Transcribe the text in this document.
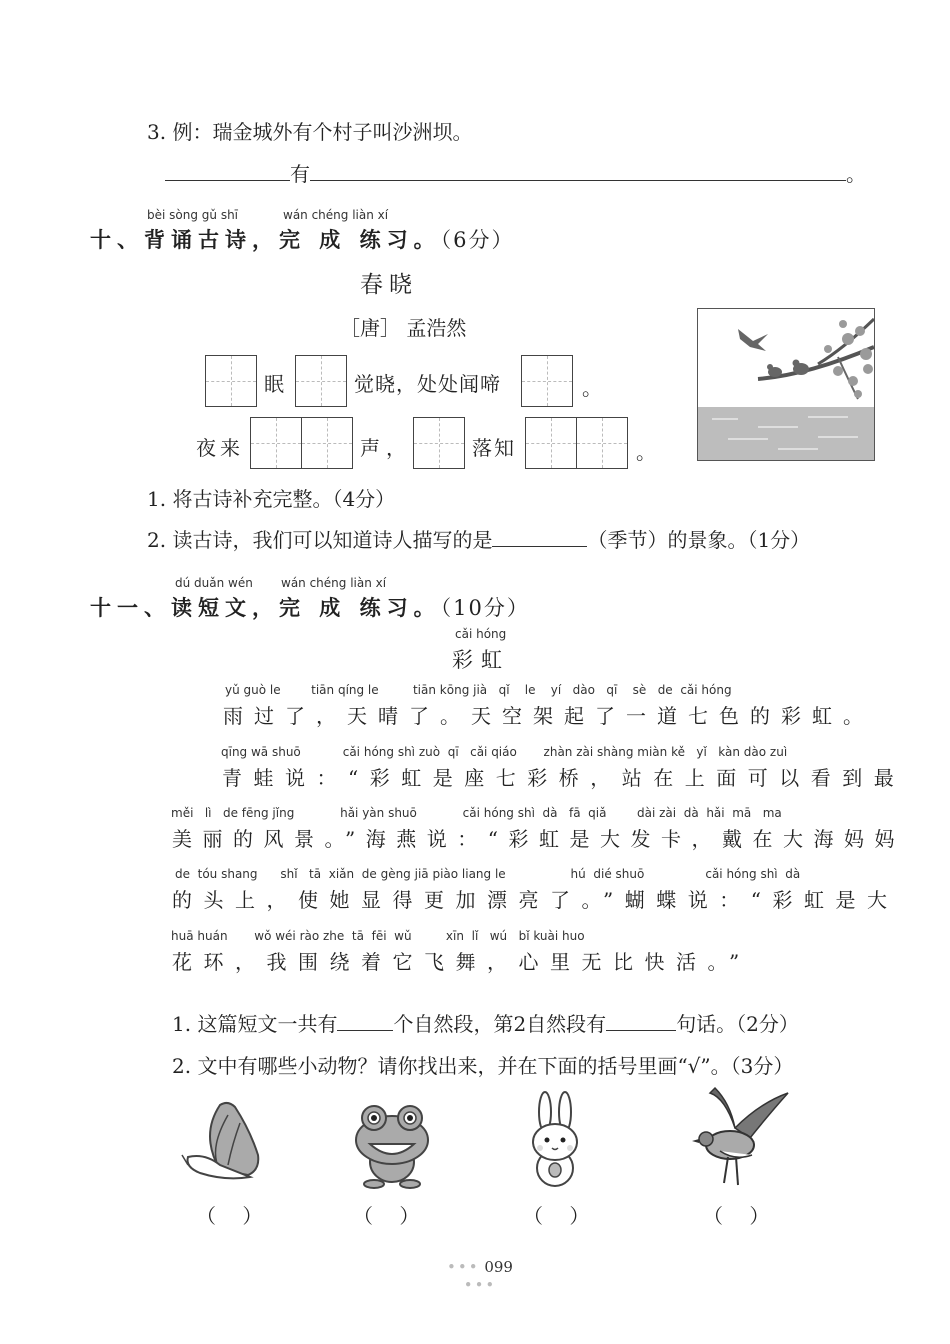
3. 例：瑞金城外有个村子叫沙洲坝。
有	。
bèi sòng gǔ shī	wán chéng liàn xí
十、背诵古诗，完 成 练习。（6分）
春晓
［唐］ 孟浩然
眠	觉晓，处处闻啼	。
夜来	声，	落知	。
1. 将古诗补充完整。（4分）
2. 读古诗，我们可以知道诗人描写的是	（季节）的景象。（1分）
dú duǎn wén wán chéng liàn xí
十一、读短文，完 成 练习。（10分）
cǎi hóng
彩虹
yǔ guò le        tiān qíng le         tiān kōng jià   qǐ    le    yí   dào   qī    sè   de  cǎi hóng
雨过了，天晴了。天空架起了一道七色的彩虹。
qīng wā shuō           cǎi hóng shì zuò  qī   cǎi qiáo       zhàn zài shàng miàn kě   yǐ   kàn dào zuì
青蛙说：“彩虹是座七彩桥，站在上面可以看到最
měi   lì   de fēng jǐng            hǎi yàn shuō            cǎi hóng shì  dà   fā  qiǎ        dài zài  dà  hǎi  mā   ma
美丽的风景。”海燕说：“彩虹是大发卡，戴在大海妈妈
de  tóu shang      shǐ   tā  xiǎn  de gèng jiā piào liang le                 hú  dié shuō                cǎi hóng shì  dà
的头上，使她显得更加漂亮了。”蝴蝶说：“彩虹是大
huā huán       wǒ wéi rào zhe  tā  fēi  wǔ         xīn  lǐ   wú   bǐ kuài huo
花环，我围绕着它飞舞，心里无比快活。”
1. 这篇短文一共有	个自然段，第2自然段有	句话。（2分）
2. 文中有哪些小动物？请你找出来，并在下面的括号里画“√”。（3分）
（　 ）	（　 ）	（　 ）	（　 ）
••• 099 •••
